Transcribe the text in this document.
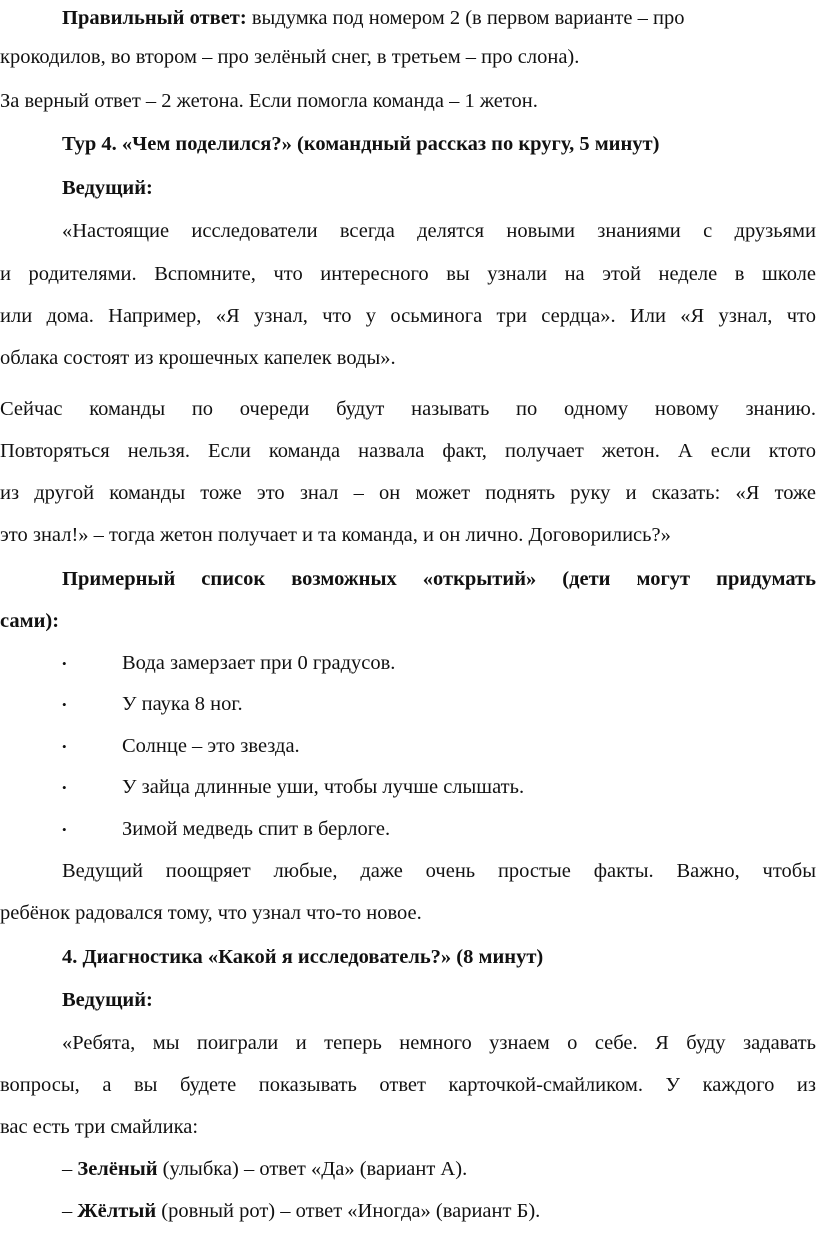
Правильный ответ: выдумка под номером 2 (в первом варианте – про
крокодилов, во втором – про зелёный снег, в третьем – про слона).
За верный ответ – 2 жетона. Если помогла команда – 1 жетон.
Тур 4. «Чем поделился?» (командный рассказ по кругу, 5 минут)
Ведущий:
«Настоящие исследователи всегда делятся новыми знаниями с друзьями
и родителями. Вспомните, что интересного вы узнали на этой неделе в школе
или дома. Например, «Я узнал, что у осьминога три сердца». Или «Я узнал, что
облака состоят из крошечных капелек воды».
Сейчас команды по очереди будут называть по одному новому знанию.
Повторяться нельзя. Если команда назвала факт, получает жетон. А если ктото
из другой команды тоже это знал – он может поднять руку и сказать: «Я тоже
это знал!» – тогда жетон получает и та команда, и он лично. Договорились?»
Примерный список возможных «открытий» (дети могут придумать
сами):
•	Вода замерзает при 0 градусов.
•	У паука 8 ног.
•	Солнце – это звезда.
•	У зайца длинные уши, чтобы лучше слышать.
•	Зимой медведь спит в берлоге.
Ведущий поощряет любые, даже очень простые факты. Важно, чтобы
ребёнок радовался тому, что узнал что-то новое.
4. Диагностика «Какой я исследователь?» (8 минут)
Ведущий:
«Ребята, мы поиграли и теперь немного узнаем о себе. Я буду задавать
вопросы, а вы будете показывать ответ карточкой-смайликом. У каждого из
вас есть три смайлика:
– Зелёный (улыбка) – ответ «Да» (вариант А).
– Жёлтый (ровный рот) – ответ «Иногда» (вариант Б).
